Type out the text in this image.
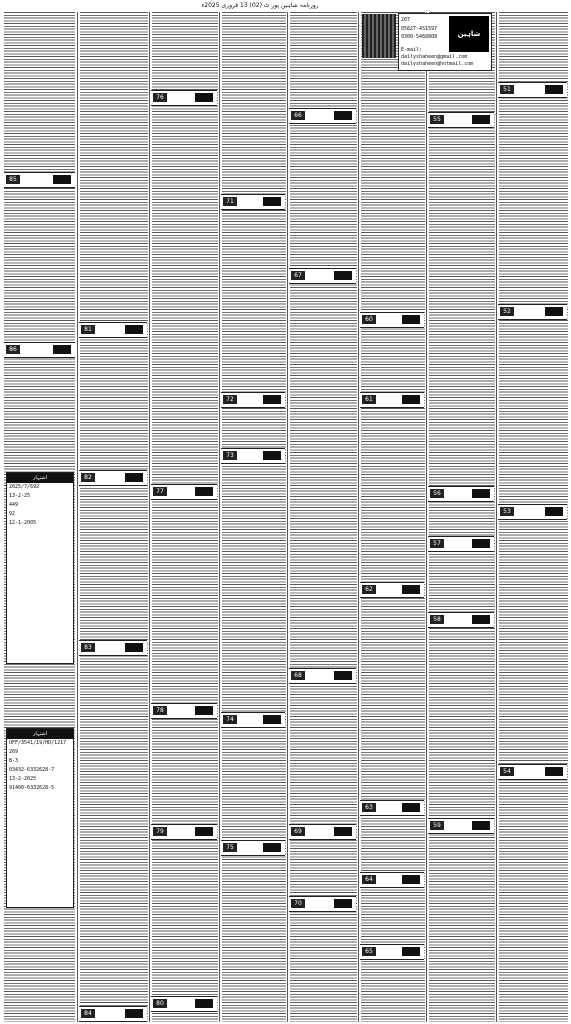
روزنامہ شاہین پور ٹ (02) 13 فروری 2025ء
شاہین
207
05827-451597
0300-5468808
E-mail:
dailyshaheen@gmail.com
dailyshaheen@hotmail.com
85
86
81
82
83
84
76
77
78
79
80
71
72
73
74
75
66
67
68
69
70
60
61
62
63
64
65
55
56
57
58
59
51
52
53
54
اشتہار
2025/7/692
13-2-25
449
92
12-1-2005
اشتہار
OFF/3541/19/HD/1217
269
B-3
03432-6332628-7
13-2-2025
91400-6332628-5
